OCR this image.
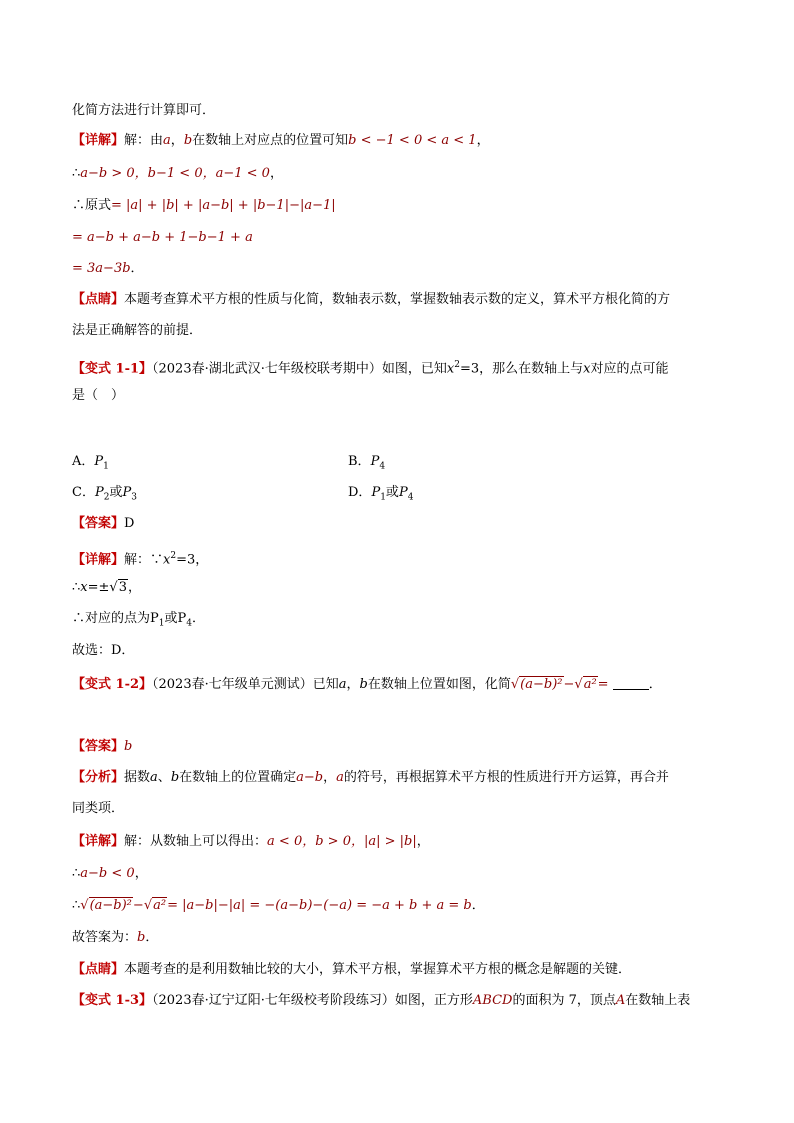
化简方法进行计算即可．
【详解】解：由a，b在数轴上对应点的位置可知b < −1 < 0 < a < 1，
∴a−b > 0，b−1 < 0，a−1 < 0，
∴原式= |a| + |b| + |a−b| + |b−1|−|a−1|
= a−b + a−b + 1−b−1 + a
= 3a−3b．
【点睛】本题考查算术平方根的性质与化简，数轴表示数，掌握数轴表示数的定义，算术平方根化简的方
法是正确解答的前提．
【变式 1-1】（2023春·湖北武汉·七年级校联考期中）如图，已知$x^2=3$，那么在数轴上与x对应的点可能
是（　）
A．$P_1$	B．$P_4$
C．$P_2$或$P_3$	D．$P_1$或$P_4$
【答案】D
【详解】解：$\because x^2=3$，
∴x=±√3，
∴对应的点为$P_1$或$P_4$．
故选：D．
【变式 1-2】（2023春·七年级单元测试）已知a，b在数轴上位置如图，化简√(a−b)²−√a²=	．
【答案】b
【分析】据数a、b在数轴上的位置确定a−b，a的符号，再根据算术平方根的性质进行开方运算，再合并
同类项．
【详解】解：从数轴上可以得出：a < 0，b > 0，|a| > |b|，
∴a−b < 0，
∴√(a−b)²−√a²= |a−b|−|a| = −(a−b)−(−a) = −a + b + a = b．
故答案为：b．
【点睛】本题考查的是利用数轴比较的大小，算术平方根，掌握算术平方根的概念是解题的关键．
【变式 1-3】（2023春·辽宁辽阳·七年级校考阶段练习）如图，正方形ABCD的面积为 7，顶点A在数轴上表
